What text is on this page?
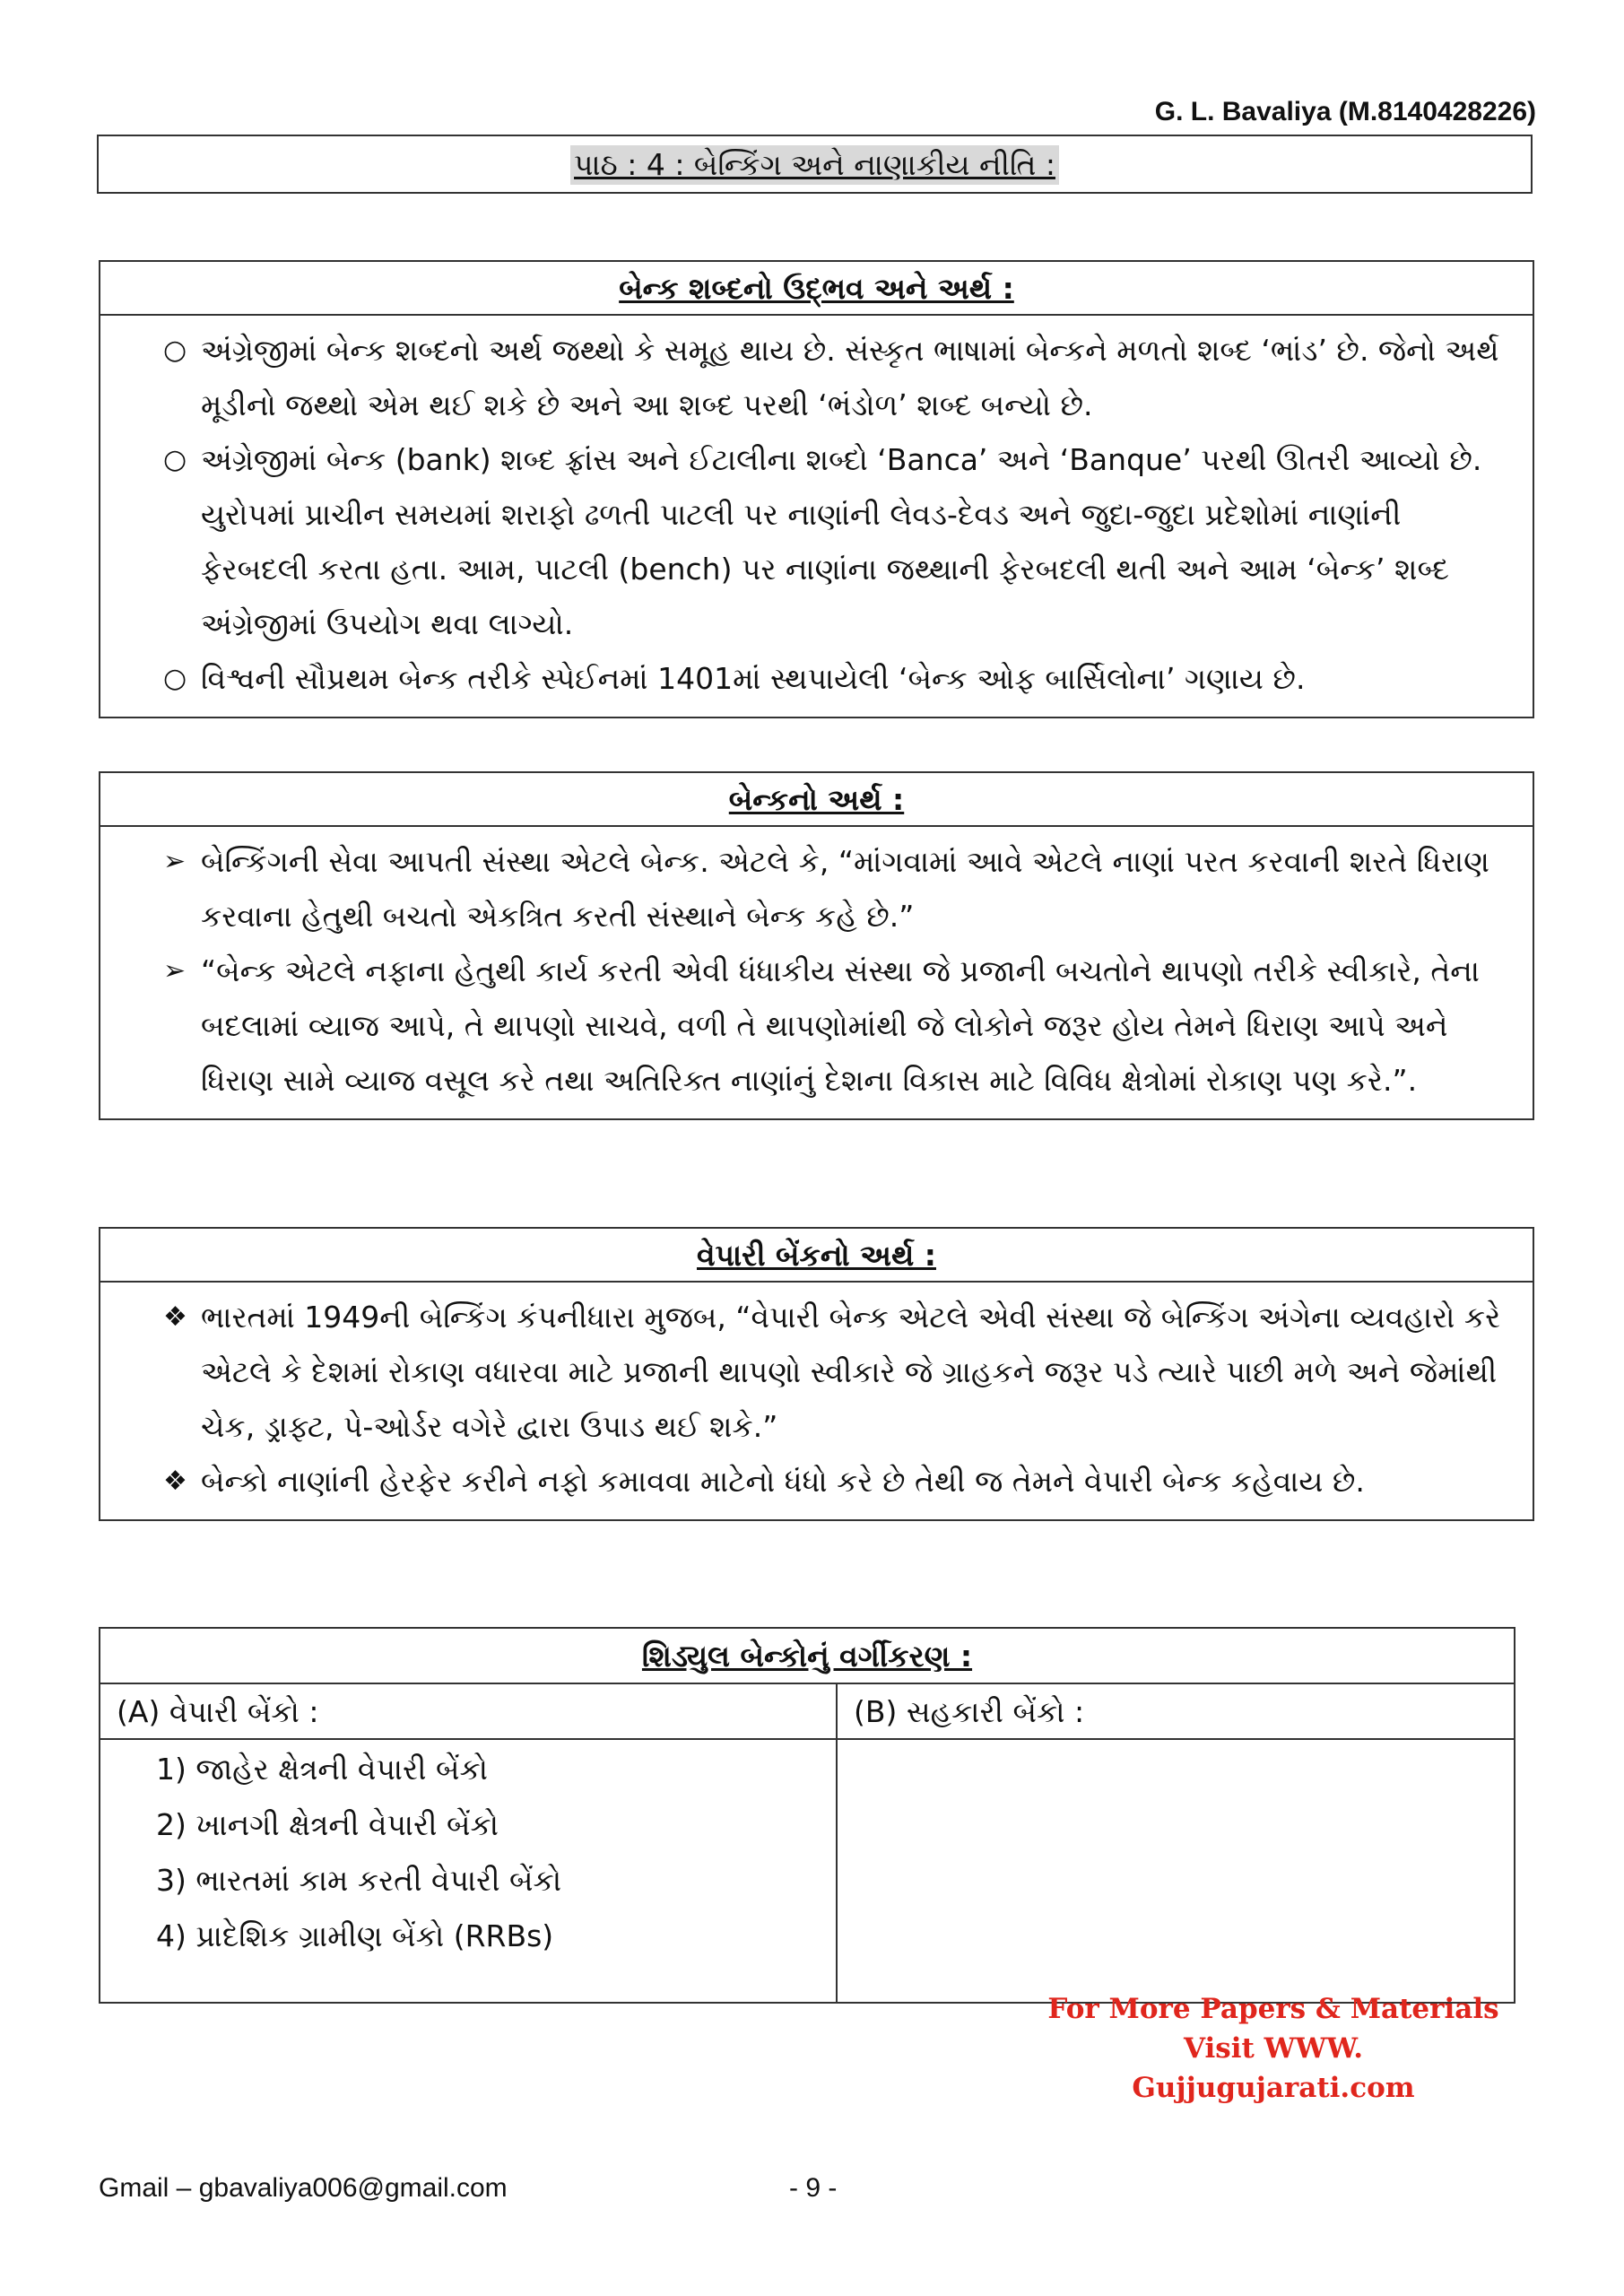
G. L. Bavaliya (M.8140428226)
પાઠ : 4 : બેન્કિંગ અને નાણાકીય નીતિ :
બેન્ક શબ્દનો ઉદ્ભવ અને અર્થ :
○ અંગ્રેજીમાં બેન્ક શબ્દનો અર્થ જથ્થો કે સમૂહ થાય છે. સંસ્કૃત ભાષામાં બેન્કને મળતો શબ્દ ‘ભાંડ’ છે. જેનો અર્થ મૂડીનો જથ્થો એમ થઈ શકે છે અને આ શબ્દ પરથી ‘ભંડોળ’ શબ્દ બન્યો છે.
○ અંગ્રેજીમાં બેન્ક (bank) શબ્દ ફ્રાંસ અને ઈટાલીના શબ્દો ‘Banca’ અને ‘Banque’ પરથી ઊતરી આવ્યો છે. યુરોપમાં પ્રાચીન સમયમાં શરાફો ઢળતી પાટલી પર નાણાંની લેવડ-દેવડ અને જુદા-જુદા પ્રદેશોમાં નાણાંની ફેરબદલી કરતા હતા. આમ, પાટલી (bench) પર નાણાંના જથ્થાની ફેરબદલી થતી અને આમ ‘બેન્ક’ શબ્દ અંગ્રેજીમાં ઉપયોગ થવા લાગ્યો.
○ વિશ્વની સૌપ્રથમ બેન્ક તરીકે સ્પેઈનમાં 1401માં સ્થપાયેલી ‘બેન્ક ઓફ બાર્સિલોના’ ગણાય છે.
બેન્કનો અર્થ :
➢ બેન્કિંગની સેવા આપતી સંસ્થા એટલે બેન્ક. એટલે કે, “માંગવામાં આવે એટલે નાણાં પરત કરવાની શરતે ધિરાણ કરવાના હેતુથી બચતો એકત્રિત કરતી સંસ્થાને બેન્ક કહે છે.”
➢ “બેન્ક એટલે નફાના હેતુથી કાર્ય કરતી એવી ધંધાકીય સંસ્થા જે પ્રજાની બચતોને થાપણો તરીકે સ્વીકારે, તેના બદલામાં વ્યાજ આપે, તે થાપણો સાચવે, વળી તે થાપણોમાંથી જે લોકોને જરૂર હોય તેમને ધિરાણ આપે અને ધિરાણ સામે વ્યાજ વસૂલ કરે તથા અતિરિક્ત નાણાંનું દેશના વિકાસ માટે વિવિધ ક્ષેત્રોમાં રોકાણ પણ કરે.”.
વેપારી બેંકનો અર્થ :
❖ ભારતમાં 1949ની બેન્કિંગ કંપનીધારા મુજબ, “વેપારી બેન્ક એટલે એવી સંસ્થા જે બેન્કિંગ અંગેના વ્યવહારો કરે એટલે કે દેશમાં રોકાણ વધારવા માટે પ્રજાની થાપણો સ્વીકારે જે ગ્રાહકને જરૂર પડે ત્યારે પાછી મળે અને જેમાંથી ચેક, ડ્રાફ્ટ, પે-ઓર્ડર વગેરે દ્વારા ઉપાડ થઈ શકે.”
❖ બેન્કો નાણાંની હેરફેર કરીને નફો કમાવવા માટેનો ધંધો કરે છે તેથી જ તેમને વેપારી બેન્ક કહેવાય છે.
શિડ્યુલ બેન્કોનું વર્ગીકરણ :
(A) વેપારી બેંકો :	(B) સહકારી બેંકો :
1) જાહેર ક્ષેત્રની વેપારી બેંકો
2) ખાનગી ક્ષેત્રની વેપારી બેંકો
3) ભારતમાં કામ કરતી વેપારી બેંકો
4) પ્રાદેશિક ગ્રામીણ બેંકો (RRBs)
For More Papers & Materials
Visit WWW. Gujjugujarati.com
Gmail – gbavaliya006@gmail.com	- 9 -
